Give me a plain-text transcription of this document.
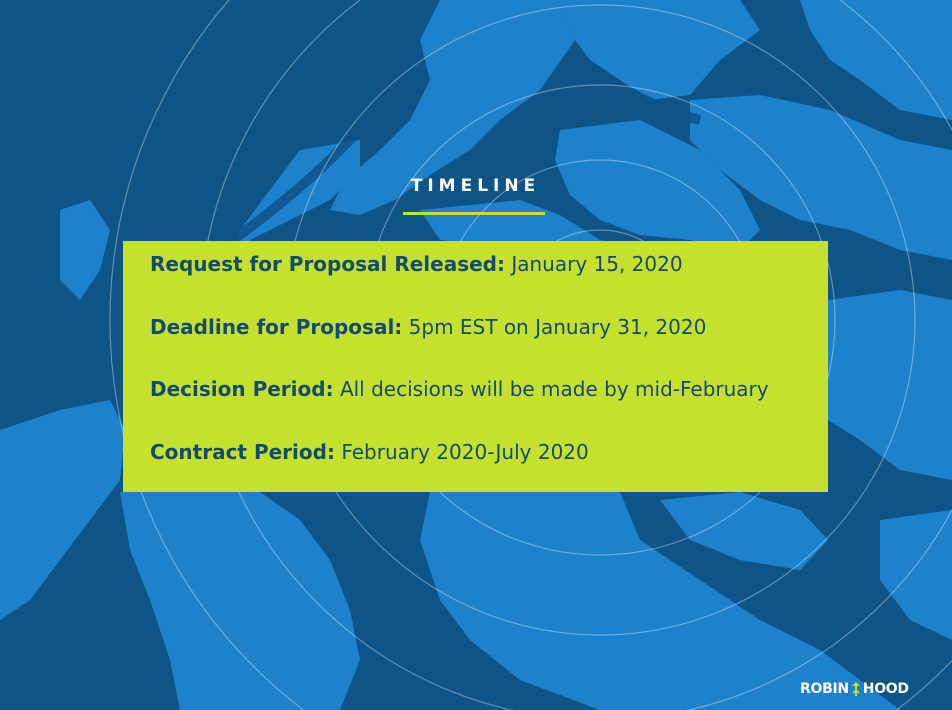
TIMELINE
Request for Proposal Released: January 15, 2020
Deadline for Proposal: 5pm EST on January 31, 2020
Decision Period: All decisions will be made by mid-February
Contract Period: February 2020-July 2020
ROBIN HOOD
